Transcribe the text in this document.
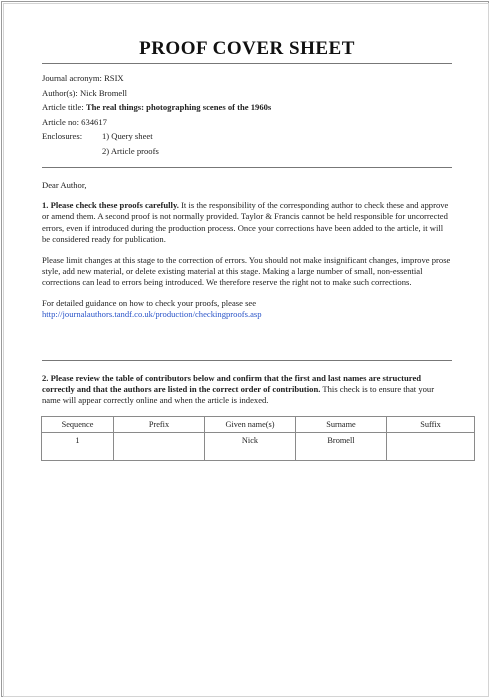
PROOF COVER SHEET
Journal acronym: RSIX
Author(s): Nick Bromell
Article title: The real things: photographing scenes of the 1960s
Article no: 634617
Enclosures:	1) Query sheet
2) Article proofs
Dear Author,
1. Please check these proofs carefully. It is the responsibility of the corresponding author to check these and approve or amend them. A second proof is not normally provided. Taylor & Francis cannot be held responsible for uncorrected errors, even if introduced during the production process. Once your corrections have been added to the article, it will be considered ready for publication.
Please limit changes at this stage to the correction of errors. You should not make insignificant changes, improve prose style, add new material, or delete existing material at this stage. Making a large number of small, non-essential corrections can lead to errors being introduced. We therefore reserve the right not to make such corrections.
For detailed guidance on how to check your proofs, please see
http://journalauthors.tandf.co.uk/production/checkingproofs.asp
2. Please review the table of contributors below and confirm that the first and last names are structured correctly and that the authors are listed in the correct order of contribution. This check is to ensure that your name will appear correctly online and when the article is indexed.
Sequence	Prefix	Given name(s)	Surname	Suffix
1		Nick	Bromell	
